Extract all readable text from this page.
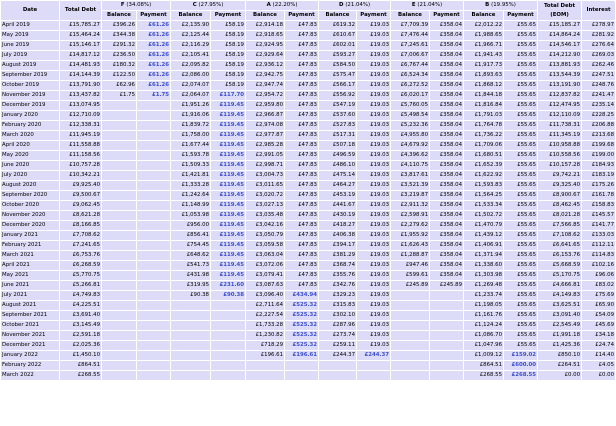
Date	Total Debt	F (34.08%)		C (27.95%)		A (22.20%)		D (21.04%)		E (21.04%)		B (19.95%)		Total Debt
(EOM)	Interest
		Balance	Payment	Balance	Payment	Balance	Payment	Balance	Payment	Balance	Payment	Balance	Payment		
April 2019	£15,785.27	£396.26	£61.26	£2,135.90	£58.19	£2,914.18	£47.83	£619.32	£19.03	£7,709.39	£358.04	£2,012.22	£55.65	£15,185.27	£278.97
May 2019	£15,464.24	£344.38	£61.26	£2,125.44	£58.19	£2,918.65	£47.83	£610.67	£19.03	£7,476.44	£358.04	£1,988.65	£55.65	£14,864.24	£281.92
June 2019	£15,146.17	£291.32	£61.26	£2,116.29	£58.19	£2,924.95	£47.83	£602.01	£19.03	£7,245.61	£358.04	£1,966.71	£55.65	£14,546.17	£276.64
July 2019	£14,817.12	£236.50	£61.26	£2,105.41	£58.19	£2,929.64	£47.83	£593.27	£19.03	£7,006.67	£358.04	£1,941.43	£55.65	£14,212.90	£269.03
August 2019	£14,481.93	£180.32	£61.26	£2,095.82	£58.19	£2,936.12	£47.83	£584.50	£19.03	£6,767.44	£358.04	£1,917.73	£55.65	£13,881.93	£262.46
September 2019	£14,144.39	£122.50	£61.26	£2,086.00	£58.19	£2,942.75	£47.83	£575.47	£19.03	£6,524.34	£358.04	£1,893.63	£55.65	£13,544.39	£247.51
October 2019	£13,791.90	£62.96	£61.26	£2,074.07	£58.19	£2,947.74	£47.83	£566.17	£19.03	£6,272.52	£358.04	£1,868.12	£55.65	£13,191.90	£248.76
November 2019	£13,437.82	£1.75	£1.75	£2,064.07	£117.70	£2,954.72	£47.83	£556.92	£19.03	£6,020.17	£358.04	£1,844.18	£55.65	£12,837.82	£241.47
December 2019	£13,074.95			£1,951.26	£119.45	£2,959.80	£47.83	£547.19	£19.03	£5,760.05	£358.04	£1,816.84	£55.65	£12,474.95	£235.14
January 2020	£12,710.09			£1,916.06	£119.45	£2,966.87	£47.83	£537.60	£19.03	£5,498.54	£358.04	£1,791.03	£55.65	£12,110.09	£228.25
February 2020	£12,338.31			£1,839.72	£119.45	£2,974.08	£47.83	£527.83	£19.03	£5,232.36	£358.04	£1,764.78	£55.65	£11,738.31	£206.88
March 2020	£11,945.19			£1,758.00	£119.45	£2,977.87	£47.83	£517.31	£19.03	£4,955.80	£358.04	£1,736.22	£55.65	£11,345.19	£213.68
April 2020	£11,558.88			£1,677.44	£119.45	£2,985.28	£47.83	£507.18	£19.03	£4,679.92	£358.04	£1,709.06	£55.65	£10,958.88	£199.68
May 2020	£11,158.56			£1,593.78	£119.45	£2,991.05	£47.83	£496.59	£19.03	£4,396.62	£358.04	£1,680.51	£55.65	£10,558.56	£199.00
June 2020	£10,757.28			£1,509.33	£119.45	£2,998.71	£47.83	£486.10	£19.03	£4,110.75	£358.04	£1,652.39	£55.65	£10,157.28	£184.93
July 2020	£10,342.21			£1,421.81	£119.45	£3,004.73	£47.83	£475.14	£19.03	£3,817.61	£358.04	£1,622.92	£55.65	£9,742.21	£183.19
August 2020	£9,925.40			£1,333.28	£119.45	£3,011.65	£47.83	£464.27	£19.03	£3,521.39	£358.04	£1,593.83	£55.65	£9,325.40	£175.26
September 2020	£9,500.67			£1,242.64	£119.45	£3,020.72	£47.83	£453.19	£19.03	£3,219.87	£358.04	£1,564.25	£55.65	£8,900.67	£161.78
October 2020	£9,062.45			£1,148.99	£119.45	£3,027.13	£47.83	£441.67	£19.03	£2,911.32	£358.04	£1,533.34	£55.65	£8,462.45	£158.83
November 2020	£8,621.28			£1,053.98	£119.45	£3,035.48	£47.83	£430.19	£19.03	£2,598.91	£358.04	£1,502.72	£55.65	£8,021.28	£145.57
December 2020	£8,166.85			£956.00	£119.45	£3,042.16	£47.83	£418.27	£19.03	£2,279.62	£358.04	£1,470.79	£55.65	£7,566.85	£141.77
January 2021	£7,708.62			£856.41	£119.45	£3,050.79	£47.83	£406.38	£19.03	£1,955.92	£358.04	£1,439.12	£55.65	£7,108.62	£133.03
February 2021	£7,241.65			£754.45	£119.45	£3,059.58	£47.83	£394.17	£19.03	£1,626.43	£358.04	£1,406.91	£55.65	£6,641.65	£112.11
March 2021	£6,753.76			£648.62	£119.45	£3,063.04	£47.83	£381.29	£19.03	£1,288.87	£358.04	£1,371.94	£55.65	£6,153.76	£114.83
April 2021	£6,268.59			£541.73	£119.45	£3,072.06	£47.83	£368.74	£19.03	£947.46	£358.04	£1,338.60	£55.65	£5,668.59	£102.16
May 2021	£5,770.75			£431.98	£119.45	£3,079.41	£47.83	£355.76	£19.03	£599.61	£358.04	£1,303.98	£55.65	£5,170.75	£96.06
June 2021	£5,266.81			£319.95	£231.60	£3,087.63	£47.83	£342.76	£19.03	£245.89	£245.89	£1,269.48	£55.65	£4,666.81	£83.02
July 2021	£4,749.83			£90.38	£90.38	£3,096.40	£434.94	£329.23	£19.03			£1,233.74	£55.65	£4,149.83	£75.69
August 2021	£4,225.51					£2,711.64	£525.32	£315.83	£19.03			£1,198.05	£55.65	£3,625.51	£65.90
September 2021	£3,691.40					£2,227.54	£525.32	£302.10	£19.03			£1,161.76	£55.65	£3,091.40	£54.09
October 2021	£3,145.49					£1,733.28	£525.32	£287.96	£19.03			£1,124.24	£55.65	£2,545.49	£45.69
November 2021	£2,591.18					£1,230.82	£525.32	£273.74	£19.03			£1,086.70	£55.65	£1,991.18	£34.18
December 2021	£2,025.36					£718.29	£525.32	£259.11	£19.03			£1,047.96	£55.65	£1,425.36	£24.74
January 2022	£1,450.10					£196.61	£196.61	£244.37	£244.37			£1,009.12	£159.02	£850.10	£14.40
February 2022	£864.51											£864.51	£600.00	£264.51	£4.05
March 2022	£268.55											£268.55	£268.55	£0.00	£0.00
